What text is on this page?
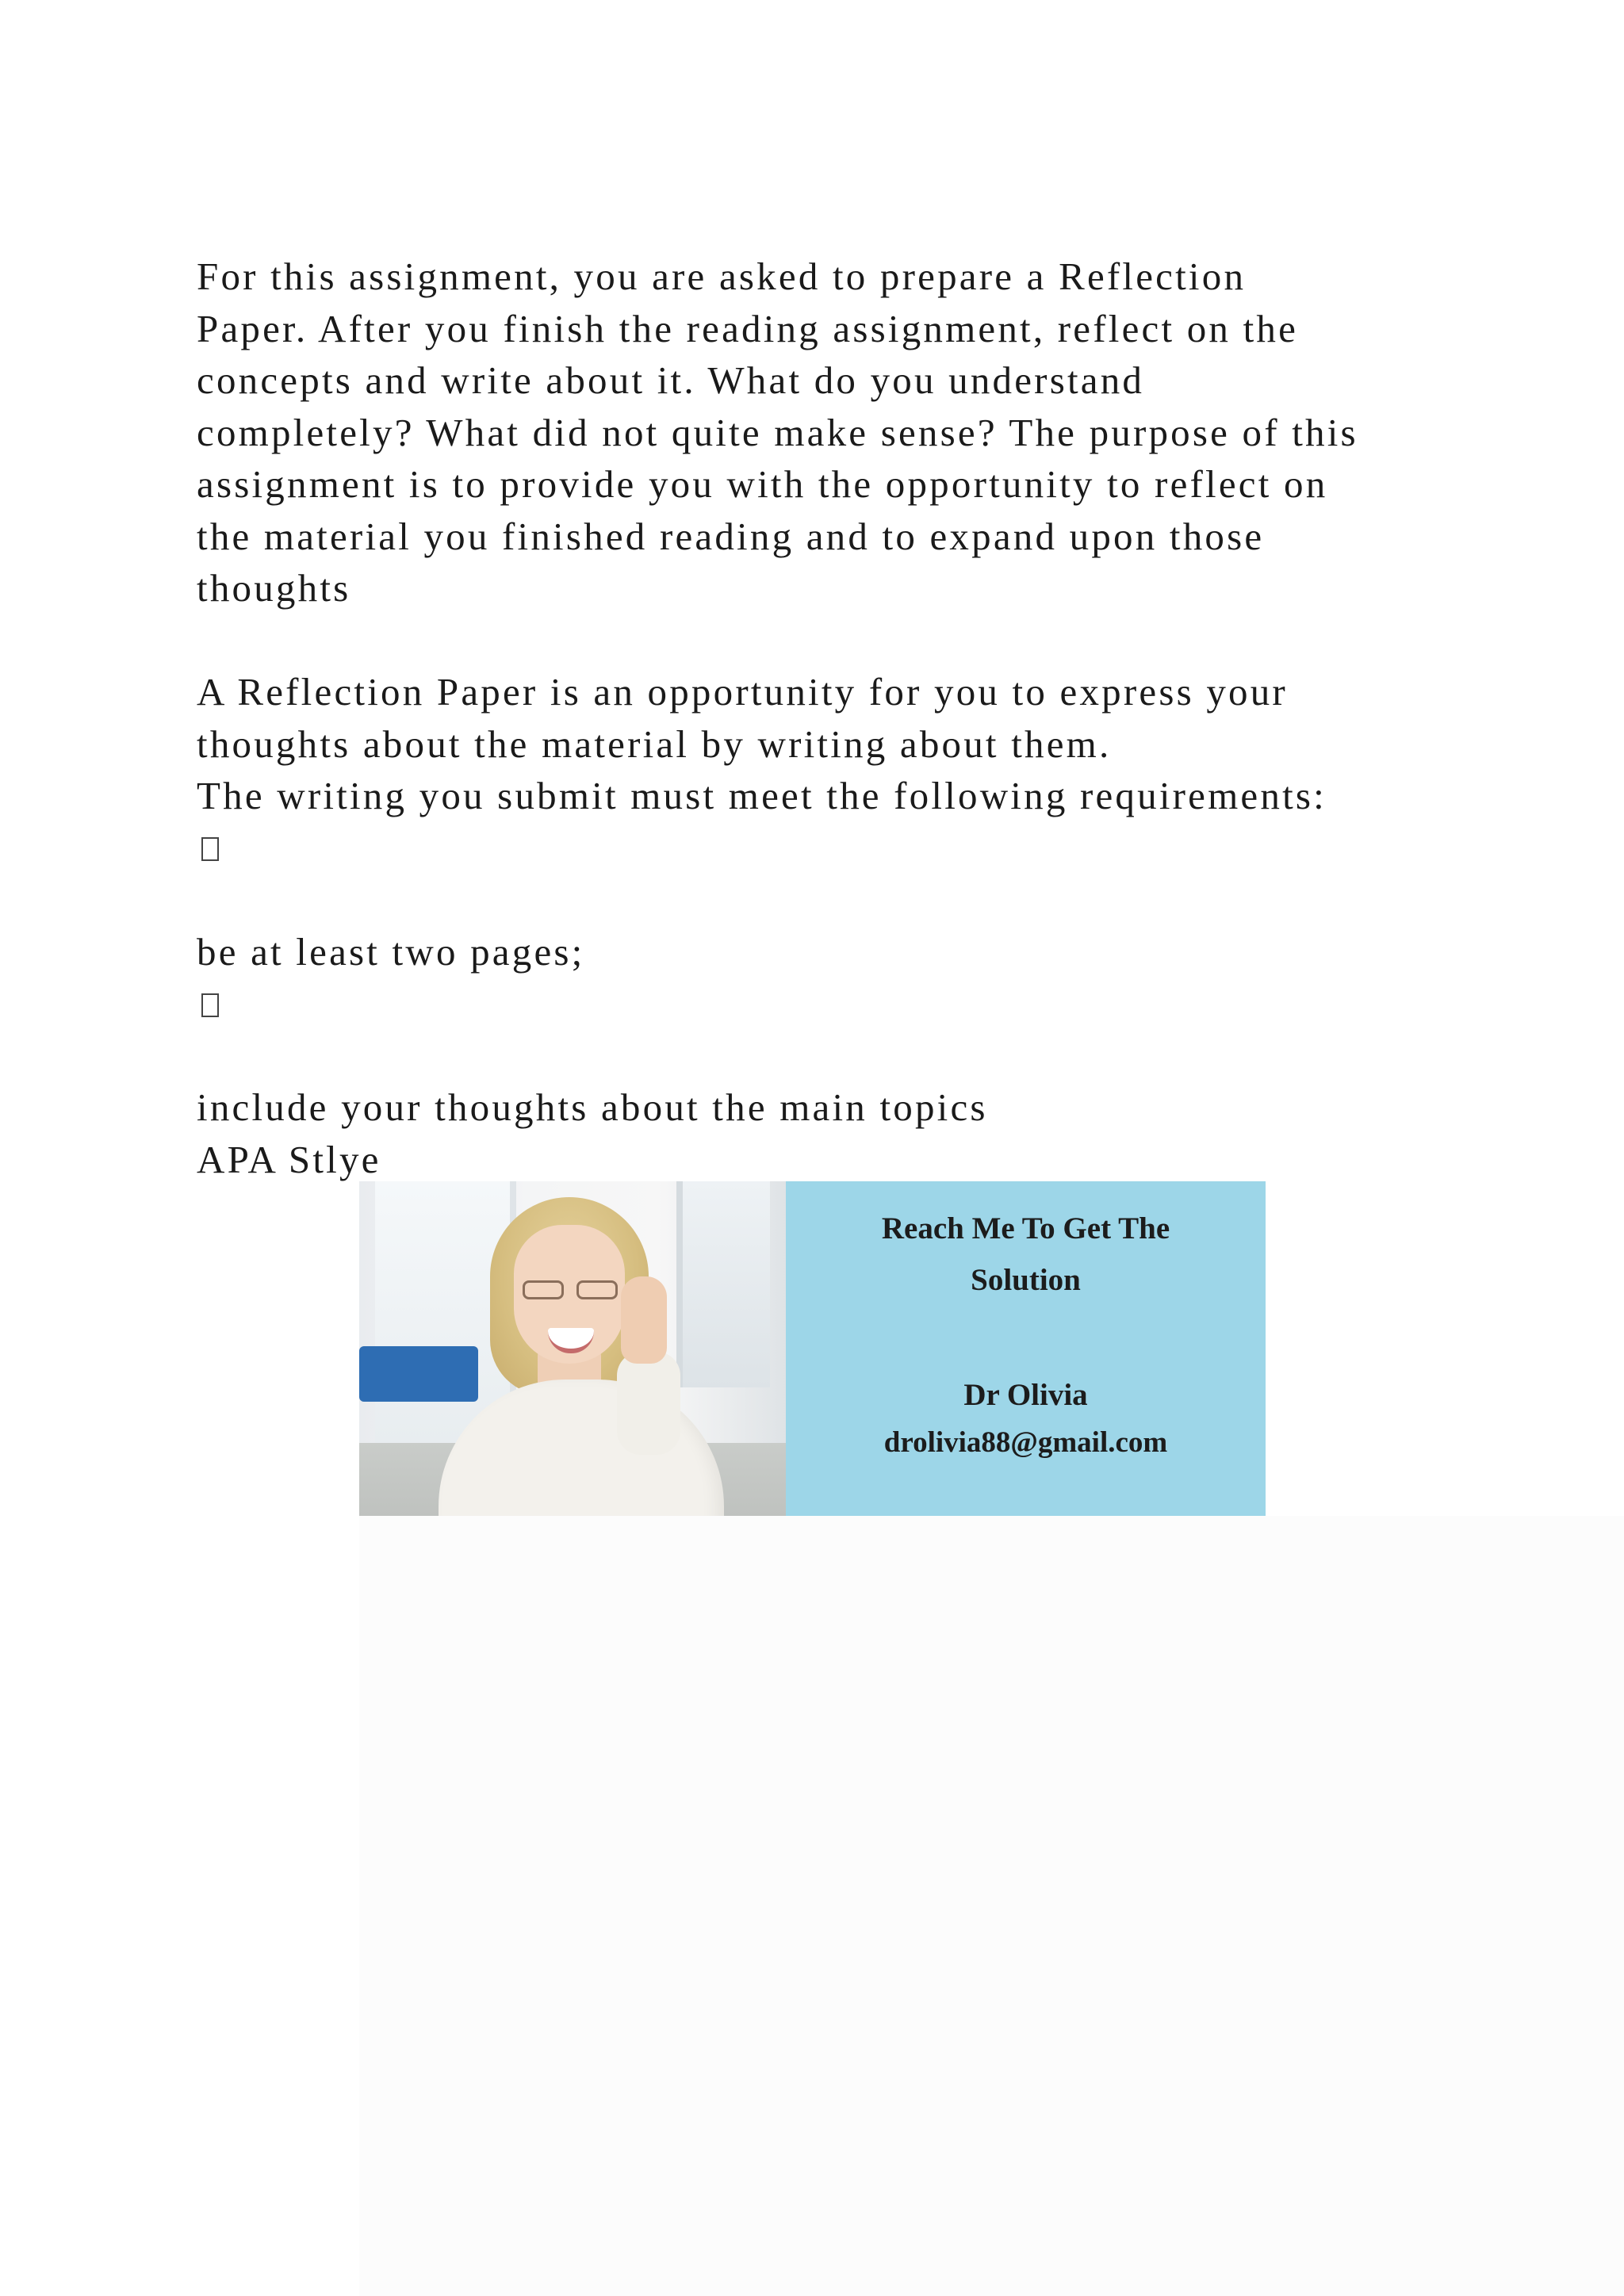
For this assignment, you are asked to prepare a Reflection
Paper. After you finish the reading assignment, reflect on the
concepts and write about it. What do you understand
completely? What did not quite make sense? The purpose of this
assignment is to provide you with the opportunity to reflect on
the material you finished reading and to expand upon those
thoughts
A Reflection Paper is an opportunity for you to express your
thoughts about the material by writing about them.
The writing you submit must meet the following requirements:
be at least two pages;
include your thoughts about the main topics
APA Stlye
Reach Me To Get The
Solution
Dr Olivia
drolivia88@gmail.com
